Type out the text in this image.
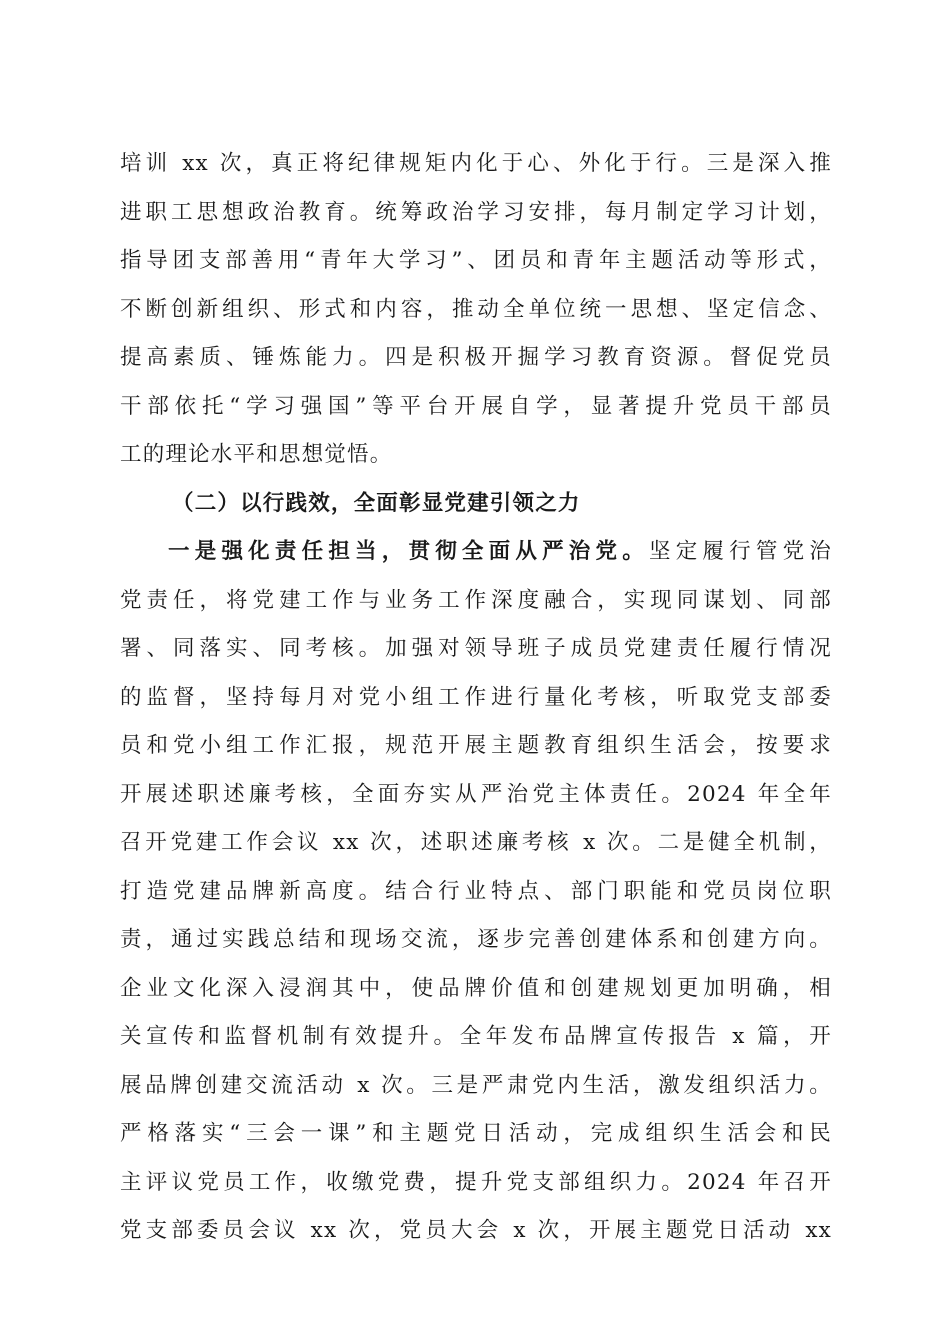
培训 xx 次，真正将纪律规矩内化于心、外化于行。三是深入推
进职工思想政治教育。统筹政治学习安排，每月制定学习计划，
指导团支部善用“青年大学习”、团员和青年主题活动等形式，
不断创新组织、形式和内容，推动全单位统一思想、坚定信念、
提高素质、锤炼能力。四是积极开掘学习教育资源。督促党员
干部依托“学习强国”等平台开展自学，显著提升党员干部员
工的理论水平和思想觉悟。
（二）以行践效，全面彰显党建引领之力
一是强化责任担当，贯彻全面从严治党。坚定履行管党治
党责任，将党建工作与业务工作深度融合，实现同谋划、同部
署、同落实、同考核。加强对领导班子成员党建责任履行情况
的监督，坚持每月对党小组工作进行量化考核，听取党支部委
员和党小组工作汇报，规范开展主题教育组织生活会，按要求
开展述职述廉考核，全面夯实从严治党主体责任。2024 年全年
召开党建工作会议 xx 次，述职述廉考核 x 次。二是健全机制，
打造党建品牌新高度。结合行业特点、部门职能和党员岗位职
责，通过实践总结和现场交流，逐步完善创建体系和创建方向。
企业文化深入浸润其中，使品牌价值和创建规划更加明确，相
关宣传和监督机制有效提升。全年发布品牌宣传报告 x 篇，开
展品牌创建交流活动 x 次。三是严肃党内生活，激发组织活力。
严格落实“三会一课”和主题党日活动，完成组织生活会和民
主评议党员工作，收缴党费，提升党支部组织力。2024 年召开
党支部委员会议 xx 次，党员大会 x 次，开展主题党日活动 xx
